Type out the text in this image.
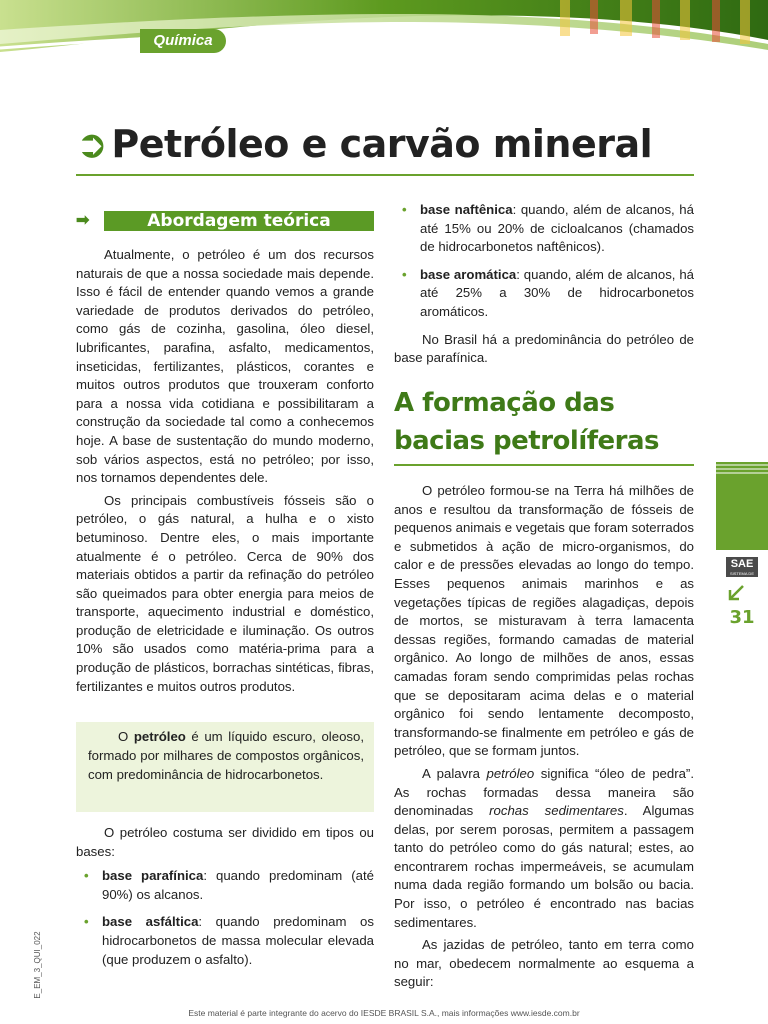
Química
➲ Petróleo e carvão mineral
➡	Abordagem teórica

Atualmente, o petróleo é um dos recursos naturais de que a nossa sociedade mais depende. Isso é fácil de entender quando vemos a grande variedade de produtos derivados do petróleo, como gás de cozinha, gasolina, óleo diesel, lubrificantes, parafina, asfalto, medicamentos, inseticidas, fertilizantes, plásticos, corantes e muitos outros produtos que trouxeram conforto para a nossa vida cotidiana e possibilitaram a construção da sociedade tal como a conhecemos hoje. A base de sustentação do mundo moderno, sob vários aspectos, está no petróleo; por isso, nos tornamos dependentes dele.

Os principais combustíveis fósseis são o petróleo, o gás natural, a hulha e o xisto betuminoso. Dentre eles, o mais importante atualmente é o petróleo. Cerca de 90% dos materiais obtidos a partir da refinação do petróleo são queimados para obter energia para meios de transporte, aquecimento industrial e doméstico, produção de eletricidade e iluminação. Os outros 10% são usados como matéria-prima para a produção de plásticos, borrachas sintéticas, fibras, fertilizantes e muitos outros produtos.

O petróleo é um líquido escuro, oleoso, formado por milhares de compostos orgânicos, com predominância de hidrocarbonetos.

O petróleo costuma ser dividido em tipos ou bases:

• base parafínica: quando predominam (até 90%) os alcanos.
• base asfáltica: quando predominam os hidrocarbonetos de massa molecular elevada (que produzem o asfalto).
• base naftênica: quando, além de alcanos, há até 15% ou 20% de cicloalcanos (chamados de hidrocarbonetos naftênicos).
• base aromática: quando, além de alcanos, há até 25% a 30% de hidrocarbonetos aromáticos.

No Brasil há a predominância do petróleo de base parafínica.

A formação das bacias petrolíferas

O petróleo formou-se na Terra há milhões de anos e resultou da transformação de fósseis de pequenos animais e vegetais que foram soterrados e submetidos à ação de micro-organismos, do calor e de pressões elevadas ao longo do tempo. Esses pequenos animais marinhos e as vegetações típicas de regiões alagadiças, depois de mortos, se misturavam à terra lamacenta dessas regiões, formando camadas de material orgânico. Ao longo de milhões de anos, essas camadas foram sendo comprimidas pelas rochas que se depositaram acima delas e o material orgânico foi sendo lentamente decomposto, transformando-se finalmente em petróleo e gás de petróleo, que se formam juntos.

A palavra petróleo significa “óleo de pedra”. As rochas formadas dessa maneira são denominadas rochas sedimentares. Algumas delas, por serem porosas, permitem a passagem tanto do petróleo como do gás natural; estes, ao encontrarem rochas impermeáveis, se acumulam numa dada região formando um bolsão ou bacia. Por isso, o petróleo é encontrado nas bacias sedimentares.

As jazidas de petróleo, tanto em terra como no mar, obedecem normalmente ao esquema a seguir:

SAE
SISTEMA DE ENSINO
31
E_EM_3_QUI_022
Este material é parte integrante do acervo do IESDE BRASIL S.A., mais informações www.iesde.com.br
